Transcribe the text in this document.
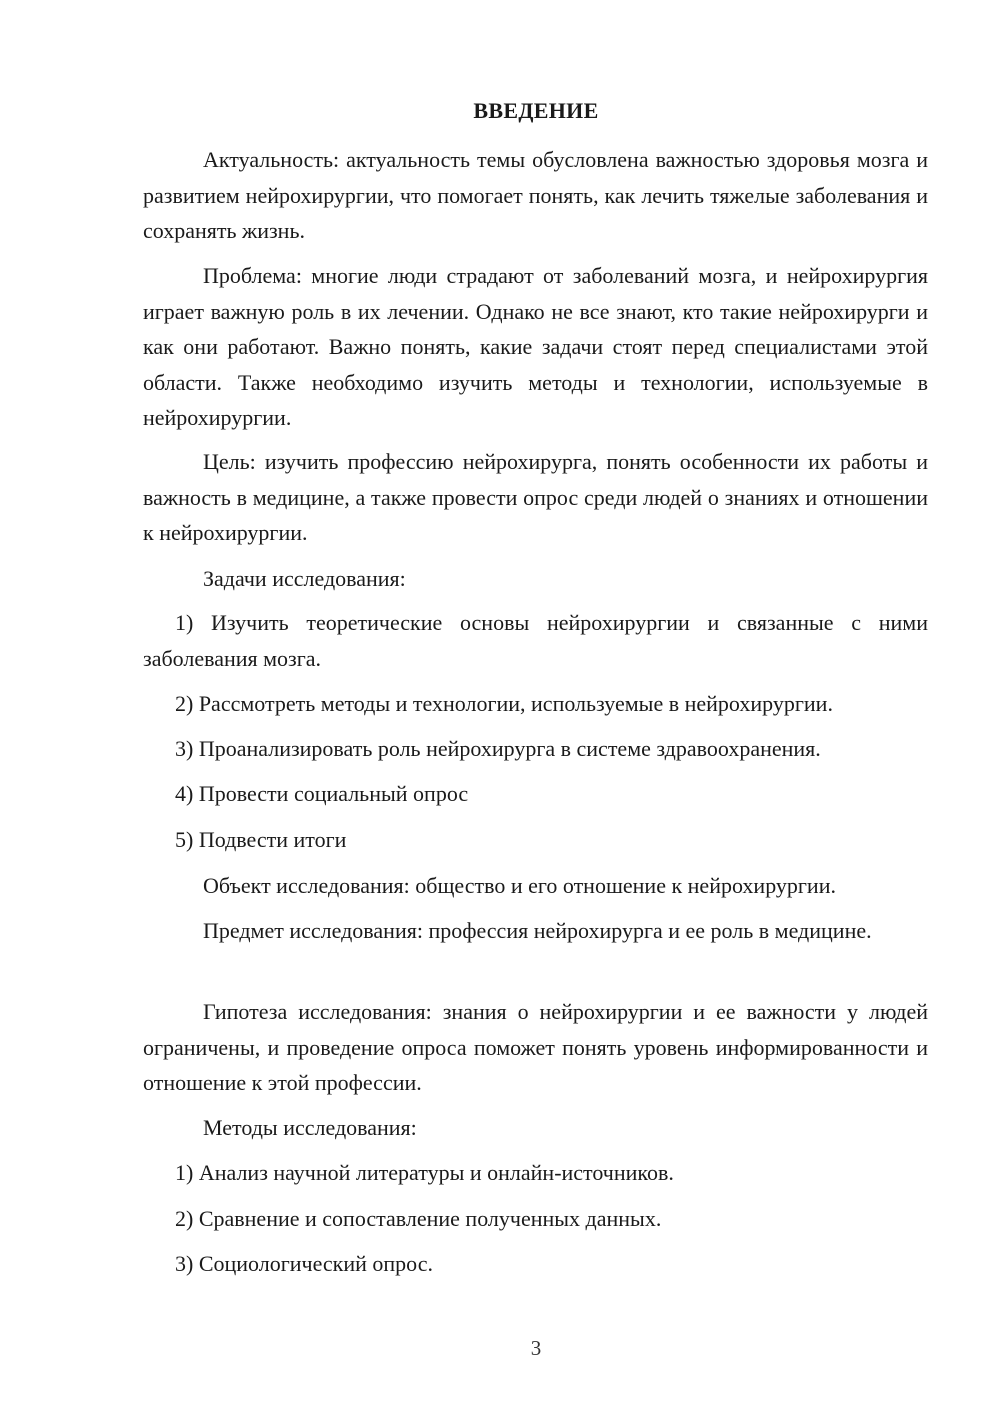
ВВЕДЕНИЕ

Актуальность: актуальность темы обусловлена важностью здоровья мозга и развитием нейрохирургии, что помогает понять, как лечить тяжелые заболевания и сохранять жизнь.

Проблема: многие люди страдают от заболеваний мозга, и нейрохирургия играет важную роль в их лечении. Однако не все знают, кто такие нейрохирурги и как они работают. Важно понять, какие задачи стоят перед специалистами этой области. Также необходимо изучить методы и технологии, используемые в нейрохирургии.

Цель: изучить профессию нейрохирурга, понять особенности их работы и важность в медицине, а также провести опрос среди людей о знаниях и отношении к нейрохирургии.

Задачи исследования:

1) Изучить теоретические основы нейрохирургии и связанные с ними заболевания мозга.

2) Рассмотреть методы и технологии, используемые в нейрохирургии.

3) Проанализировать роль нейрохирурга в системе здравоохранения.

4) Провести социальный опрос

5) Подвести итоги

Объект исследования: общество и его отношение к нейрохирургии.

Предмет исследования: профессия нейрохирурга и ее роль в медицине.

Гипотеза исследования: знания о нейрохирургии и ее важности у людей ограничены, и проведение опроса поможет понять уровень информированности и отношение к этой профессии.

Методы исследования:

1) Анализ научной литературы и онлайн-источников.

2) Сравнение и сопоставление полученных данных.

3) Социологический опрос.

3
